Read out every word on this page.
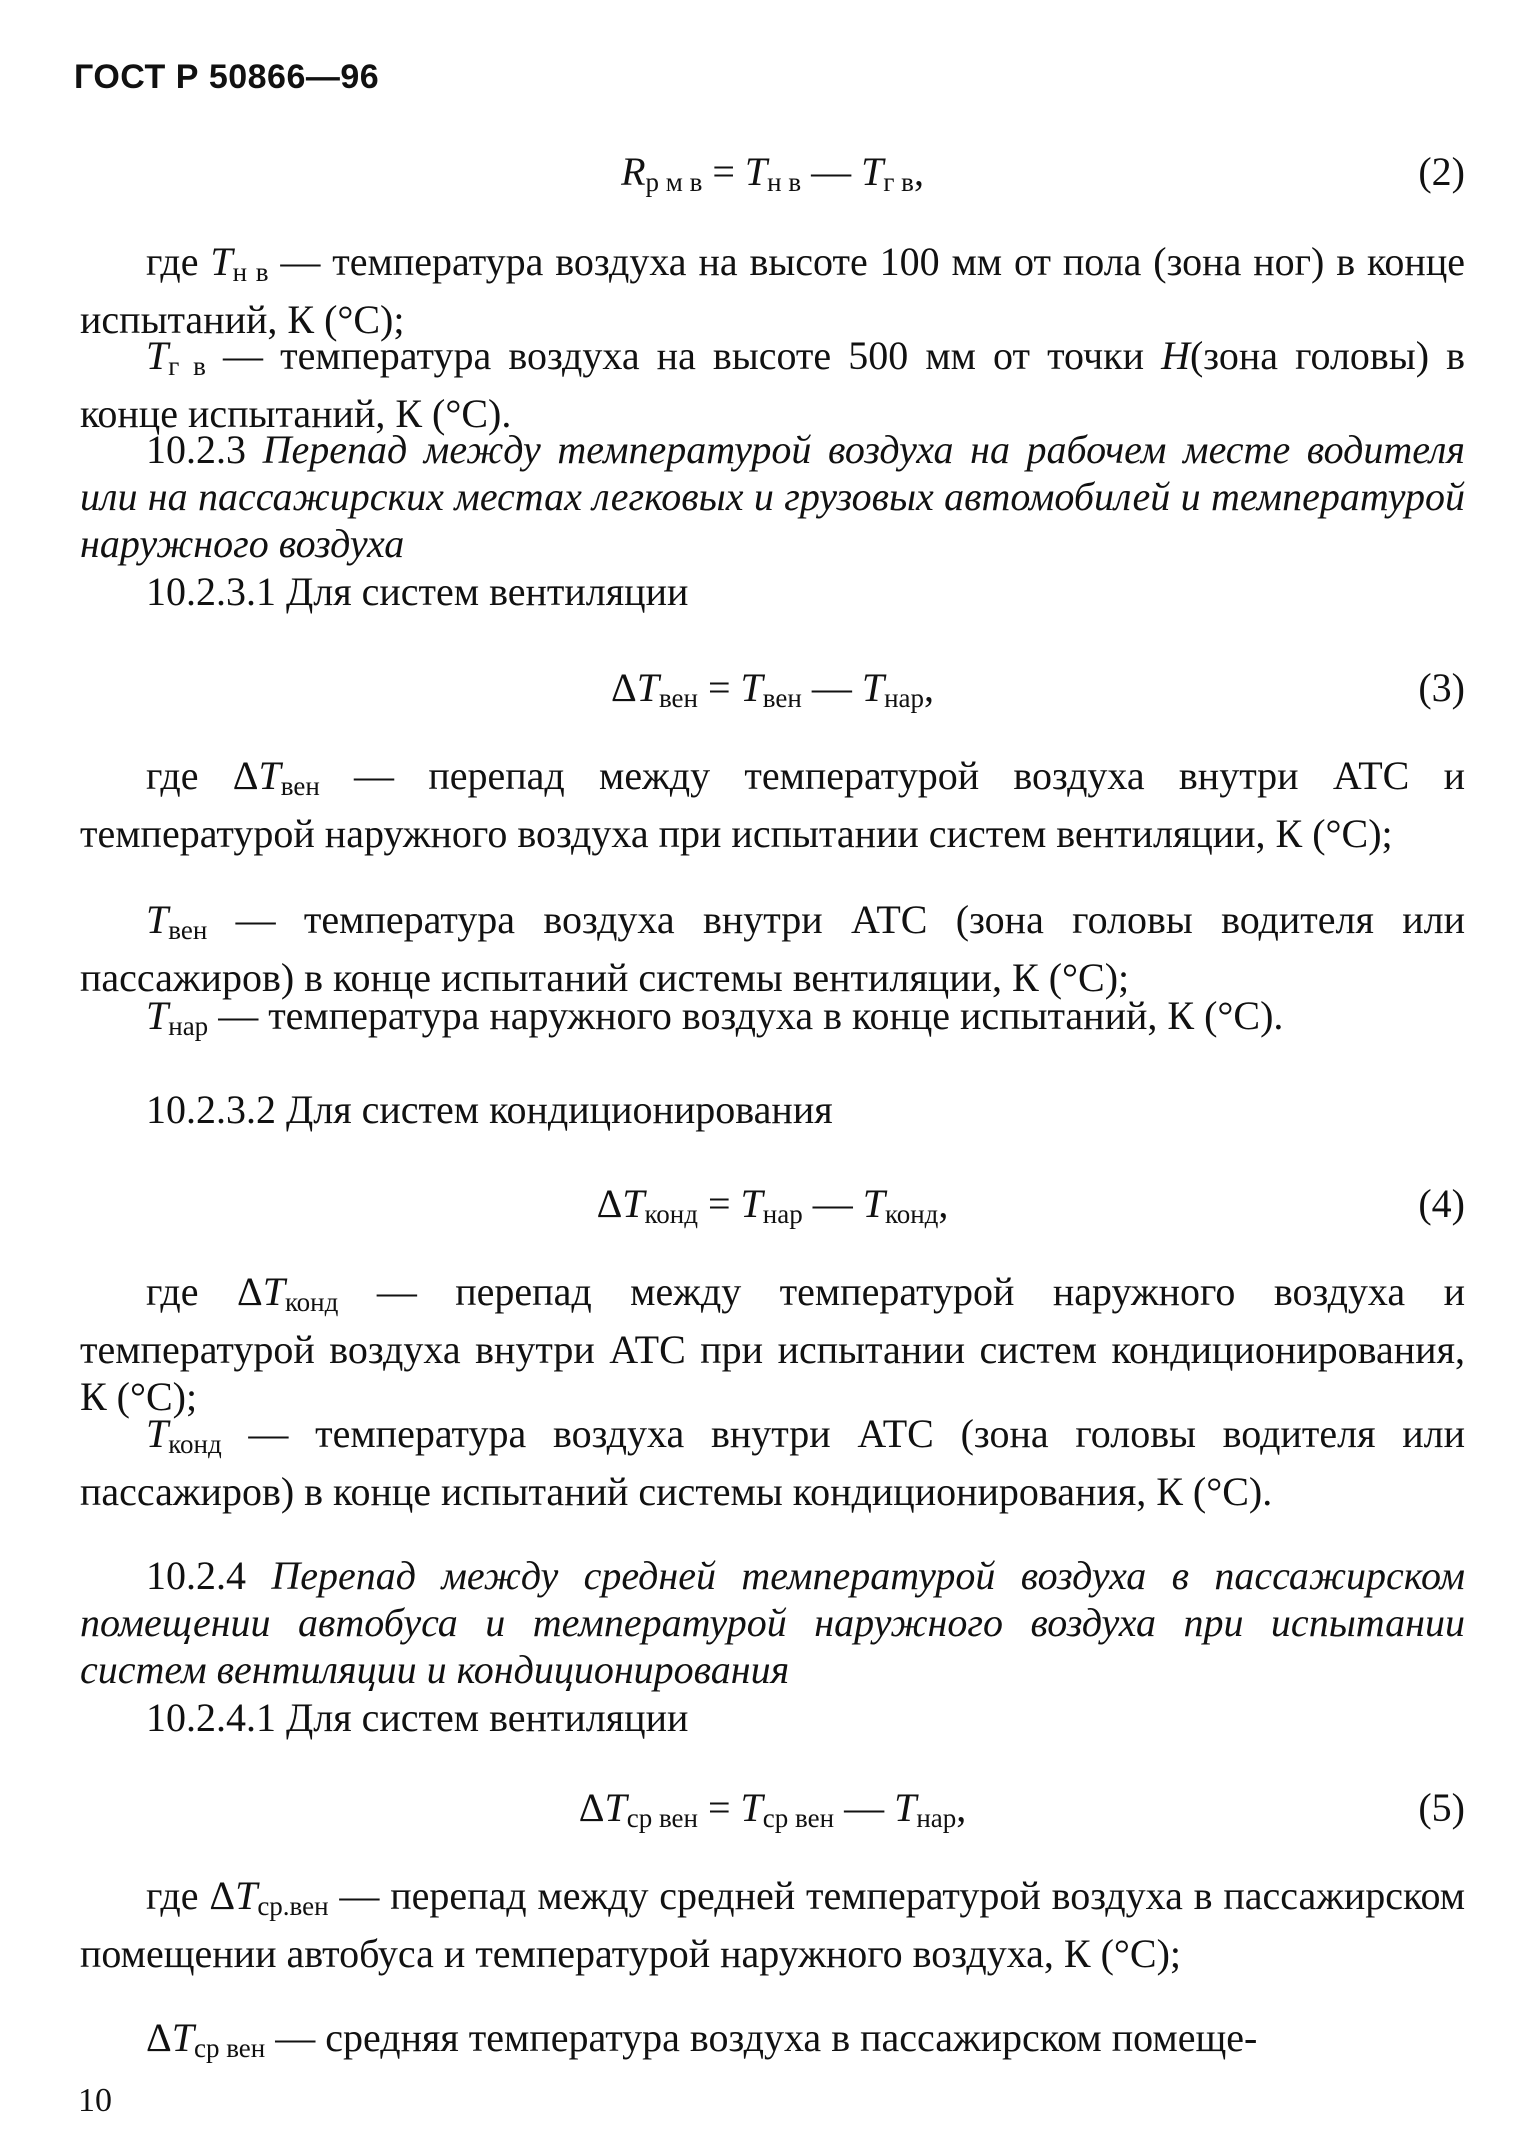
ГОСТ Р 50866—96
$R_{р м в} = T_{н в}$ — $T_{г в}$,	(2)

где $T_{н в}$ — температура воздуха на высоте 100 мм от пола (зона ног) в конце испытаний, К (°С);

$T_{г в}$ — температура воздуха на высоте 500 мм от точки Н(зона головы) в конце испытаний, К (°С).

10.2.3 Перепад между температурой воздуха на рабочем месте водителя или на пассажирских местах легковых и грузовых автомобилей и температурой наружного воздуха

10.2.3.1 Для систем вентиляции

$\Delta T_{вен} = T_{вен}$ — $T_{нар}$,	(3)

где $\Delta T_{вен}$ — перепад между температурой воздуха внутри АТС и температурой наружного воздуха при испытании систем вентиляции, К (°С);

$T_{вен}$ — температура воздуха внутри АТС (зона головы водителя или пассажиров) в конце испытаний системы вентиляции, К (°С);

$T_{нар}$ — температура наружного воздуха в конце испытаний, К (°С).

10.2.3.2 Для систем кондиционирования

$\Delta T_{конд} = T_{нар}$ — $T_{конд}$,	(4)

где $\Delta T_{конд}$ — перепад между температурой наружного воздуха и температурой воздуха внутри АТС при испытании систем кондиционирования, К (°С);

$T_{конд}$ — температура воздуха внутри АТС (зона головы водителя или пассажиров) в конце испытаний системы кондиционирования, К (°С).

10.2.4 Перепад между средней температурой воздуха в пассажирском помещении автобуса и температурой наружного воздуха при испытании систем вентиляции и кондиционирования

10.2.4.1 Для систем вентиляции

$\Delta T_{ср вен} = T_{ср вен}$ — $T_{нар}$,	(5)

где $\Delta T_{ср.вен}$ — перепад между средней температурой воздуха в пассажирском помещении автобуса и температурой наружного воздуха, К (°С);

$\Delta T_{ср вен}$ — средняя температура воздуха в пассажирском помеще-

10
